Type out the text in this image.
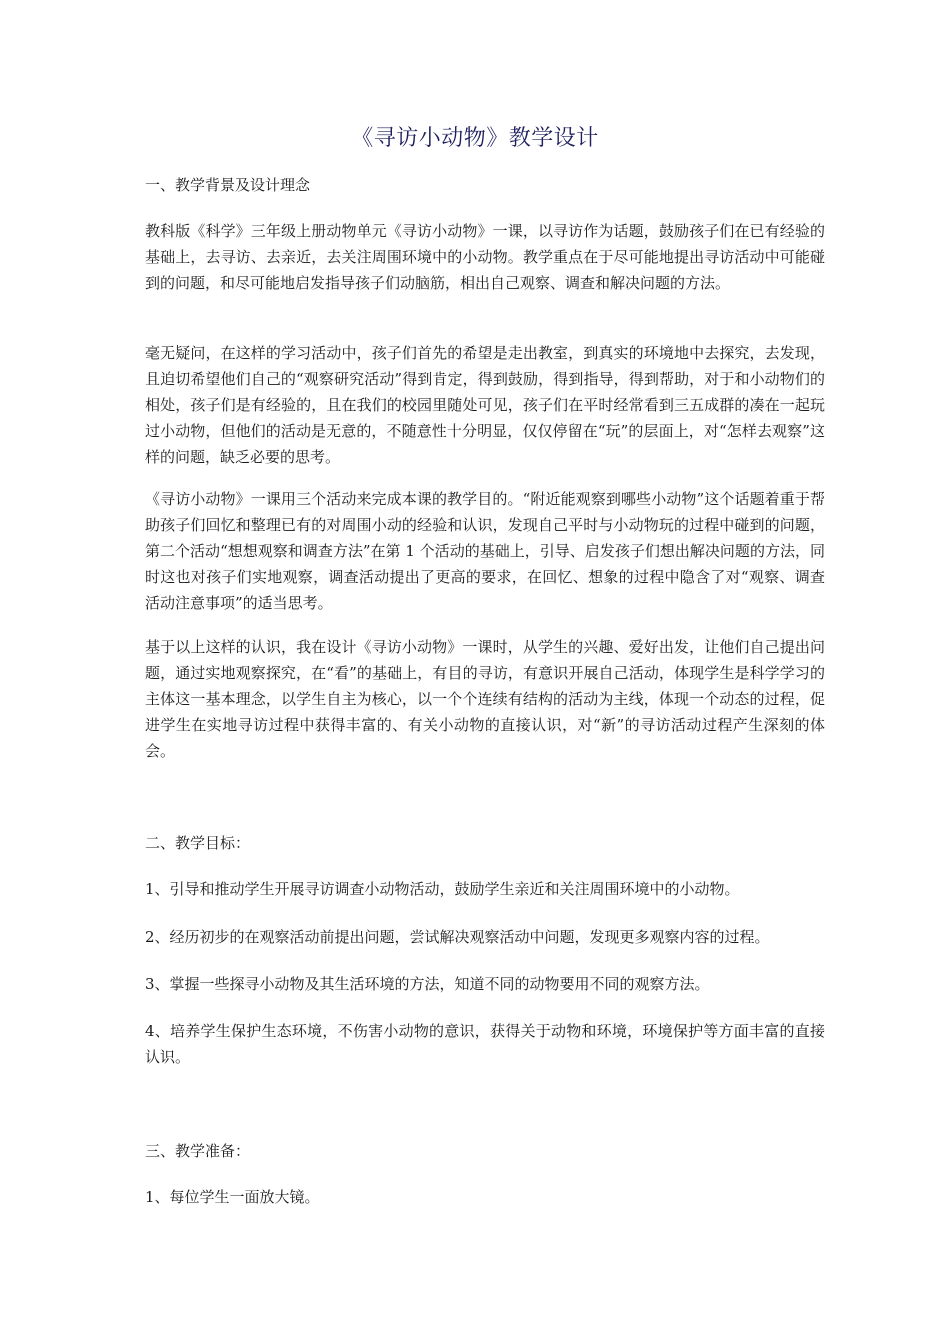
《寻访小动物》教学设计

一、教学背景及设计理念

教科版《科学》三年级上册动物单元《寻访小动物》一课，以寻访作为话题，鼓励孩子们在已有经验的基础上，去寻访、去亲近，去关注周围环境中的小动物。教学重点在于尽可能地提出寻访活动中可能碰到的问题，和尽可能地启发指导孩子们动脑筋，相出自己观察、调查和解决问题的方法。

毫无疑问，在这样的学习活动中，孩子们首先的希望是走出教室，到真实的环境地中去探究，去发现，且迫切希望他们自己的“观察研究活动”得到肯定，得到鼓励，得到指导，得到帮助，对于和小动物们的相处，孩子们是有经验的，且在我们的校园里随处可见，孩子们在平时经常看到三五成群的凑在一起玩过小动物，但他们的活动是无意的，不随意性十分明显，仅仅停留在“玩”的层面上，对“怎样去观察”这样的问题，缺乏必要的思考。

《寻访小动物》一课用三个活动来完成本课的教学目的。“附近能观察到哪些小动物”这个话题着重于帮助孩子们回忆和整理已有的对周围小动的经验和认识，发现自己平时与小动物玩的过程中碰到的问题，第二个活动“想想观察和调查方法”在第 1 个活动的基础上，引导、启发孩子们想出解决问题的方法，同时这也对孩子们实地观察，调查活动提出了更高的要求，在回忆、想象的过程中隐含了对“观察、调查活动注意事项”的适当思考。

基于以上这样的认识，我在设计《寻访小动物》一课时，从学生的兴趣、爱好出发，让他们自己提出问题，通过实地观察探究，在“看”的基础上，有目的寻访，有意识开展自己活动，体现学生是科学学习的主体这一基本理念，以学生自主为核心，以一个个连续有结构的活动为主线，体现一个动态的过程，促进学生在实地寻访过程中获得丰富的、有关小动物的直接认识，对“新”的寻访活动过程产生深刻的体会。

二、教学目标：

1、引导和推动学生开展寻访调查小动物活动，鼓励学生亲近和关注周围环境中的小动物。

2、经历初步的在观察活动前提出问题，尝试解决观察活动中问题，发现更多观察内容的过程。

3、掌握一些探寻小动物及其生活环境的方法，知道不同的动物要用不同的观察方法。

4、培养学生保护生态环境，不伤害小动物的意识，获得关于动物和环境，环境保护等方面丰富的直接认识。

三、教学准备：

1、每位学生一面放大镜。
